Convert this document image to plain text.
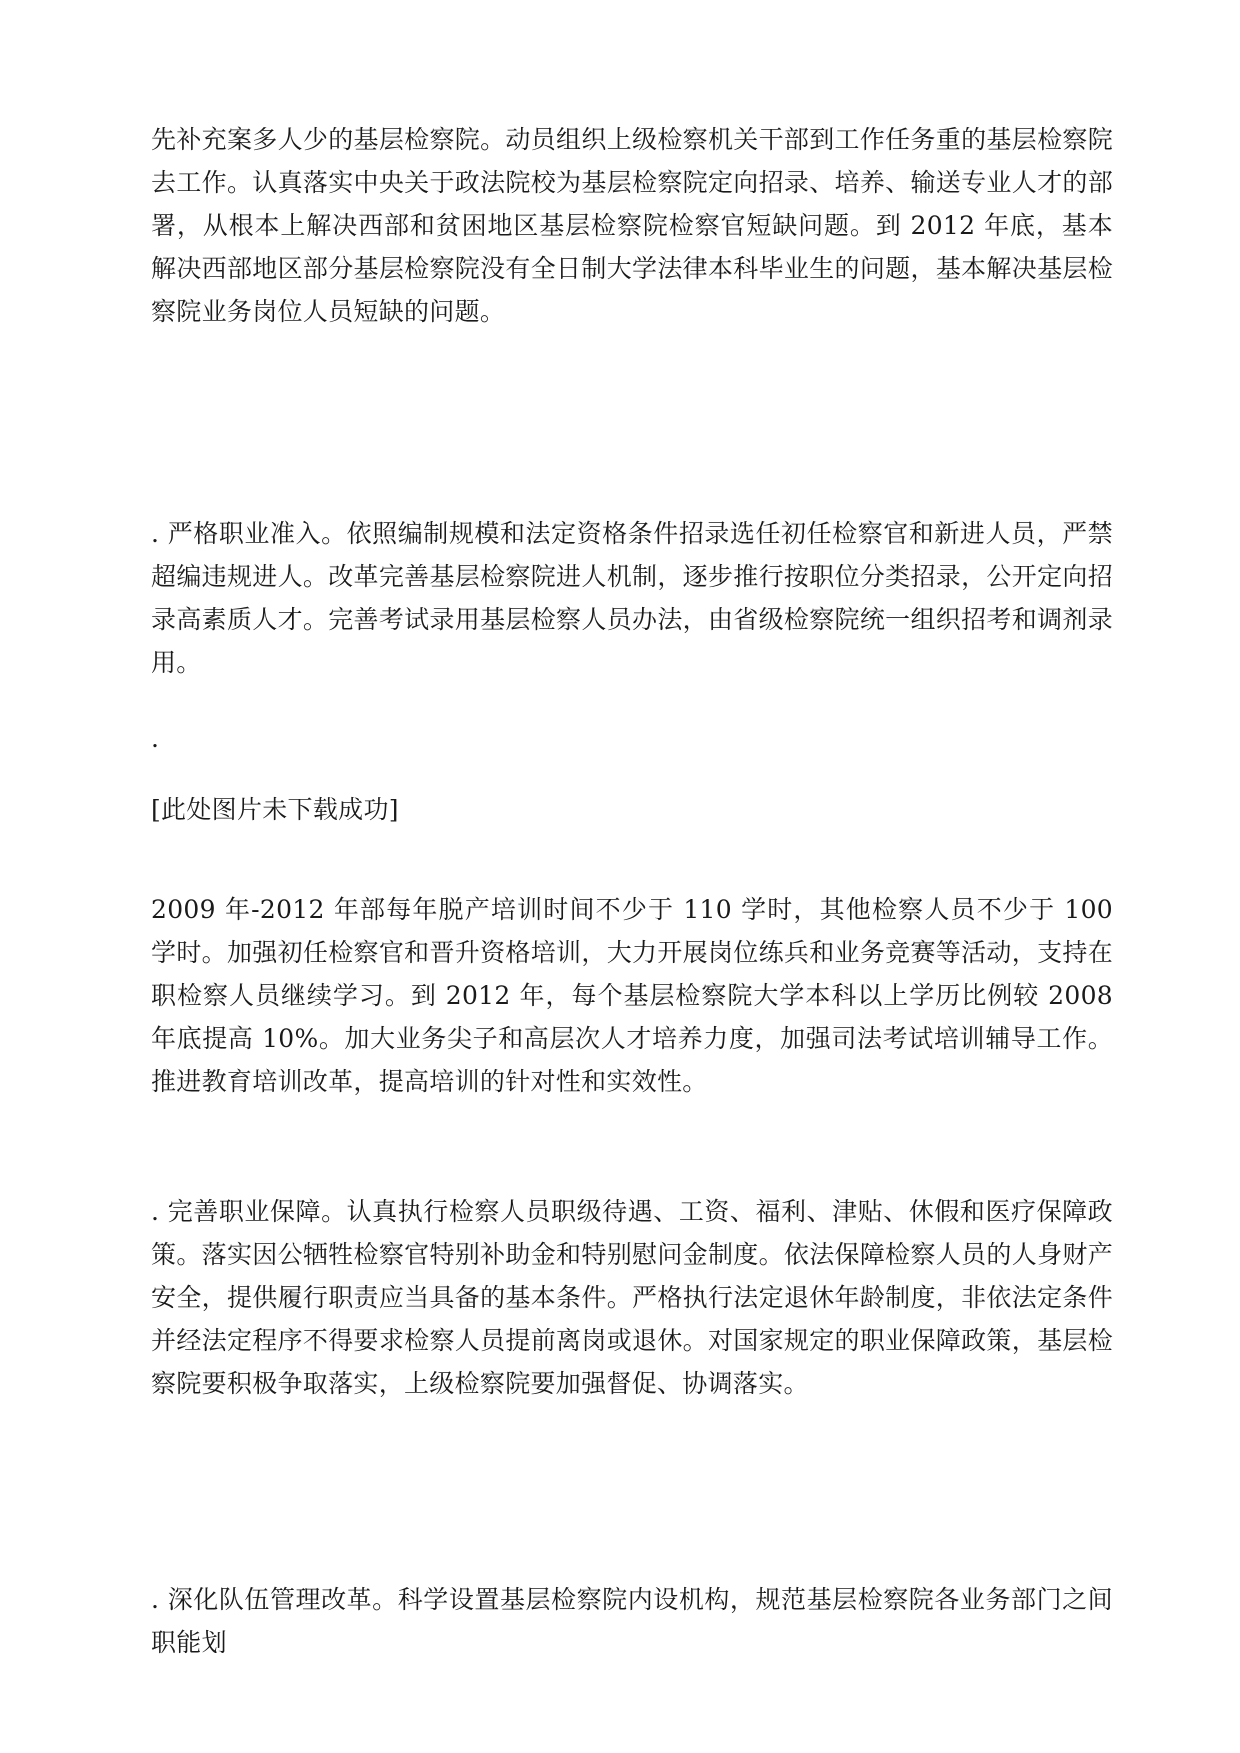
先补充案多人少的基层检察院。动员组织上级检察机关干部到工作任务重的基层检察院去工作。认真落实中央关于政法院校为基层检察院定向招录、培养、输送专业人才的部署，从根本上解决西部和贫困地区基层检察院检察官短缺问题。到 2012 年底，基本解决西部地区部分基层检察院没有全日制大学法律本科毕业生的问题，基本解决基层检察院业务岗位人员短缺的问题。

. 严格职业准入。依照编制规模和法定资格条件招录选任初任检察官和新进人员，严禁超编违规进人。改革完善基层检察院进人机制，逐步推行按职位分类招录，公开定向招录高素质人才。完善考试录用基层检察人员办法，由省级检察院统一组织招考和调剂录用。

.

[此处图片未下载成功]

2009 年-2012 年部每年脱产培训时间不少于 110 学时，其他检察人员不少于 100 学时。加强初任检察官和晋升资格培训，大力开展岗位练兵和业务竞赛等活动，支持在职检察人员继续学习。到 2012 年，每个基层检察院大学本科以上学历比例较 2008 年底提高 10%。加大业务尖子和高层次人才培养力度，加强司法考试培训辅导工作。推进教育培训改革，提高培训的针对性和实效性。

. 完善职业保障。认真执行检察人员职级待遇、工资、福利、津贴、休假和医疗保障政策。落实因公牺牲检察官特别补助金和特别慰问金制度。依法保障检察人员的人身财产安全，提供履行职责应当具备的基本条件。严格执行法定退休年龄制度，非依法定条件并经法定程序不得要求检察人员提前离岗或退休。对国家规定的职业保障政策，基层检察院要积极争取落实，上级检察院要加强督促、协调落实。

. 深化队伍管理改革。科学设置基层检察院内设机构，规范基层检察院各业务部门之间职能划
